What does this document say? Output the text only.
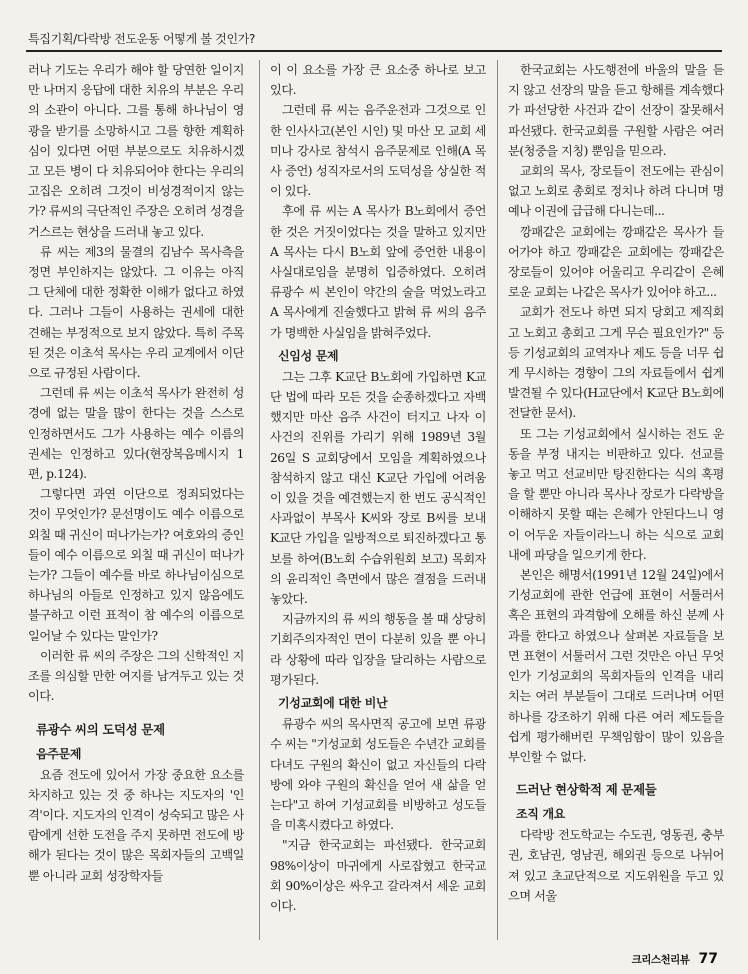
특집기획/다락방 전도운동 어떻게 볼 것인가?

러나 기도는 우리가 해야 할 당연한 일이지만 나머지 응답에 대한 치유의 부분은 우리의 소관이 아니다. 그를 통해 하나님이 영광을 받기를 소망하시고 그를 향한 계획하심이 있다면 어떤 부분으로도 치유하시겠고 모든 병이 다 치유되어야 한다는 우리의 고집은 오히려 그것이 비성경적이지 않는가? 류씨의 극단적인 주장은 오히려 성경을 거스르는 현상을 드러내 놓고 있다.

류 씨는 제3의 물결의 김남수 목사측을 정면 부인하지는 않았다. 그 이유는 아직 그 단체에 대한 정확한 이해가 없다고 하였다. 그러나 그들이 사용하는 권세에 대한 견해는 부정적으로 보지 않았다. 특히 주목된 것은 이초석 목사는 우리 교계에서 이단으로 규정된 사람이다.

그런데 류 씨는 이초석 목사가 완전히 성경에 없는 말을 많이 한다는 것을 스스로 인정하면서도 그가 사용하는 예수 이름의 권세는 인정하고 있다(현장복음메시지 1편, p.124).

그렇다면 과연 이단으로 정죄되었다는 것이 무엇인가? 문선명이도 예수 이름으로 외칠 때 귀신이 떠나가는가? 여호와의 증인들이 예수 이름으로 외칠 때 귀신이 떠나가는가? 그들이 예수를 바로 하나님이심으로 하나님의 아들로 인정하고 있지 않음에도 불구하고 이런 표적이 참 예수의 이름으로 일어날 수 있다는 말인가?

이러한 류 씨의 주장은 그의 신학적인 지조를 의심할 만한 여지를 남겨두고 있는 것이다.

류광수 씨의 도덕성 문제
음주문제

요즘 전도에 있어서 가장 중요한 요소를 차지하고 있는 것 중 하나는 지도자의 '인격'이다. 지도자의 인격이 성숙되고 많은 사람에게 선한 도전을 주지 못하면 전도에 방해가 된다는 것이 많은 목회자들의 고백일 뿐 아니라 교회 성장학자들

이 이 요소를 가장 큰 요소중 하나로 보고 있다.

그런데 류 씨는 음주운전과 그것으로 인한 인사사고(본인 시인) 및 마산 모 교회 세미나 강사로 참석시 음주문제로 인해(A 목사 증언) 성직자로서의 도덕성을 상실한 적이 있다.

후에 류 씨는 A 목사가 B노회에서 증언한 것은 거짓이었다는 것을 말하고 있지만 A 목사는 다시 B노회 앞에 증언한 내용이 사실대로임을 분명히 입증하였다. 오히려 류광수 씨 본인이 약간의 술을 먹었노라고 A 목사에게 진술했다고 밝혀 류 씨의 음주가 명백한 사실임을 밝혀주었다.

신임성 문제

그는 그후 K교단 B노회에 가입하면 K교단 법에 따라 모든 것을 순종하겠다고 자백했지만 마산 음주 사건이 터지고 나자 이 사건의 진위를 가리기 위해 1989년 3월 26일 S 교회당에서 모임을 계획하였으나 참석하지 않고 대신 K교단 가입에 어려움이 있을 것을 예견했는지 한 번도 공식적인 사과없이 부목사 K씨와 장로 B씨를 보내 K교단 가입을 일방적으로 퇴진하겠다고 통보를 하여(B노회 수습위원회 보고) 목회자의 윤리적인 측면에서 많은 결점을 드러내 놓았다.

지금까지의 류 씨의 행동을 볼 때 상당히 기회주의자적인 면이 다분히 있을 뿐 아니라 상황에 따라 입장을 달리하는 사람으로 평가된다.

기성교회에 대한 비난

류광수 씨의 목사면직 공고에 보면 류광수 씨는 "기성교회 성도들은 수년간 교회를 다녀도 구원의 확신이 없고 자신들의 다락방에 와야 구원의 확신을 얻어 새 삶을 얻는다"고 하여 기성교회를 비방하고 성도들을 미혹시켰다고 하였다.

"지금 한국교회는 파선됐다. 한국교회 98%이상이 마귀에게 사로잡혔고 한국교회 90%이상은 싸우고 갈라져서 세운 교회이다.

한국교회는 사도행전에 바울의 말을 듣지 않고 선장의 말을 듣고 항해를 계속했다가 파선당한 사건과 같이 선장이 잘못해서 파선됐다. 한국교회를 구원할 사람은 여러분(청중을 지칭) 뿐임을 믿으라.

교회의 목사, 장로들이 전도에는 관심이 없고 노회로 총회로 정치나 하려 다니며 명예나 이권에 급급해 다니는데...

깡패같은 교회에는 깡패같은 목사가 들어가야 하고 깡패같은 교회에는 깡패같은 장로들이 있어야 어울리고 우리같이 은혜로운 교회는 나같은 목사가 있어야 하고...

교회가 전도나 하면 되지 당회고 제직회고 노회고 총회고 그게 무슨 필요인가?" 등등 기성교회의 교역자나 제도 등을 너무 쉽게 무시하는 경향이 그의 자료들에서 쉽게 발견될 수 있다(H교단에서 K교단 B노회에 전달한 문서).

또 그는 기성교회에서 실시하는 전도 운동을 부정 내지는 비판하고 있다. 선교를 놓고 먹고 선교비만 탕진한다는 식의 혹평을 할 뿐만 아니라 목사나 장로가 다락방을 이해하지 못할 때는 은혜가 안된다느니 영이 어두운 자들이라느니 하는 식으로 교회내에 파당을 일으키게 한다.

본인은 해명서(1991년 12월 24일)에서 기성교회에 관한 언급에 표현이 서툴러서 혹은 표현의 과격함에 오해를 하신 분께 사과를 한다고 하였으나 살펴본 자료들을 보면 표현이 서툴러서 그런 것만은 아닌 무엇인가 기성교회의 목회자들의 인격을 내리치는 여러 부분들이 그대로 드러나며 어떤 하나를 강조하기 위해 다른 여러 제도들을 쉽게 평가해버린 무책임함이 많이 있음을 부인할 수 없다.

드러난 현상학적 제 문제들
조직 개요

다락방 전도학교는 수도권, 영동권, 충부권, 호남권, 영남권, 해외권 등으로 나뉘어져 있고 초교단적으로 지도위원을 두고 있으며 서울

크리스천리뷰 77
